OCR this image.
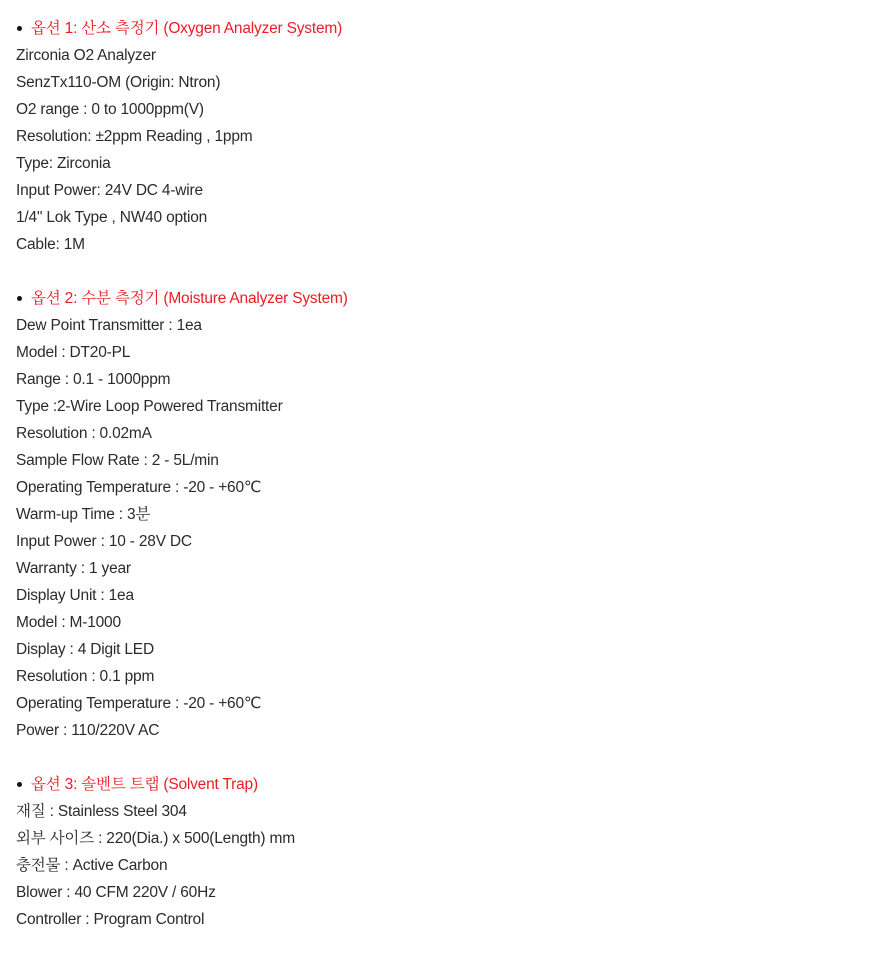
옵션 1: 산소 측정기 (Oxygen Analyzer System)
Zirconia O2 Analyzer
SenzTx110-OM (Origin: Ntron)
O2 range : 0 to 1000ppm(V)
Resolution: ±2ppm Reading , 1ppm
Type: Zirconia
Input Power: 24V DC 4-wire
1/4" Lok Type , NW40 option
Cable: 1M
옵션 2: 수분 측정기 (Moisture Analyzer System)
Dew Point Transmitter : 1ea
Model : DT20-PL
Range : 0.1 - 1000ppm
Type :2-Wire Loop Powered Transmitter
Resolution : 0.02mA
Sample Flow Rate : 2 - 5L/min
Operating Temperature : -20 - +60℃
Warm-up Time : 3분
Input Power : 10 - 28V DC
Warranty : 1 year
Display Unit : 1ea
Model : M-1000
Display : 4 Digit LED
Resolution : 0.1 ppm
Operating Temperature : -20 - +60℃
Power : 110/220V AC
옵션 3: 솔벤트 트랩 (Solvent Trap)
재질 : Stainless Steel 304
외부 사이즈 : 220(Dia.) x 500(Length) mm
충전물 : Active Carbon
Blower : 40 CFM 220V / 60Hz
Controller : Program Control
